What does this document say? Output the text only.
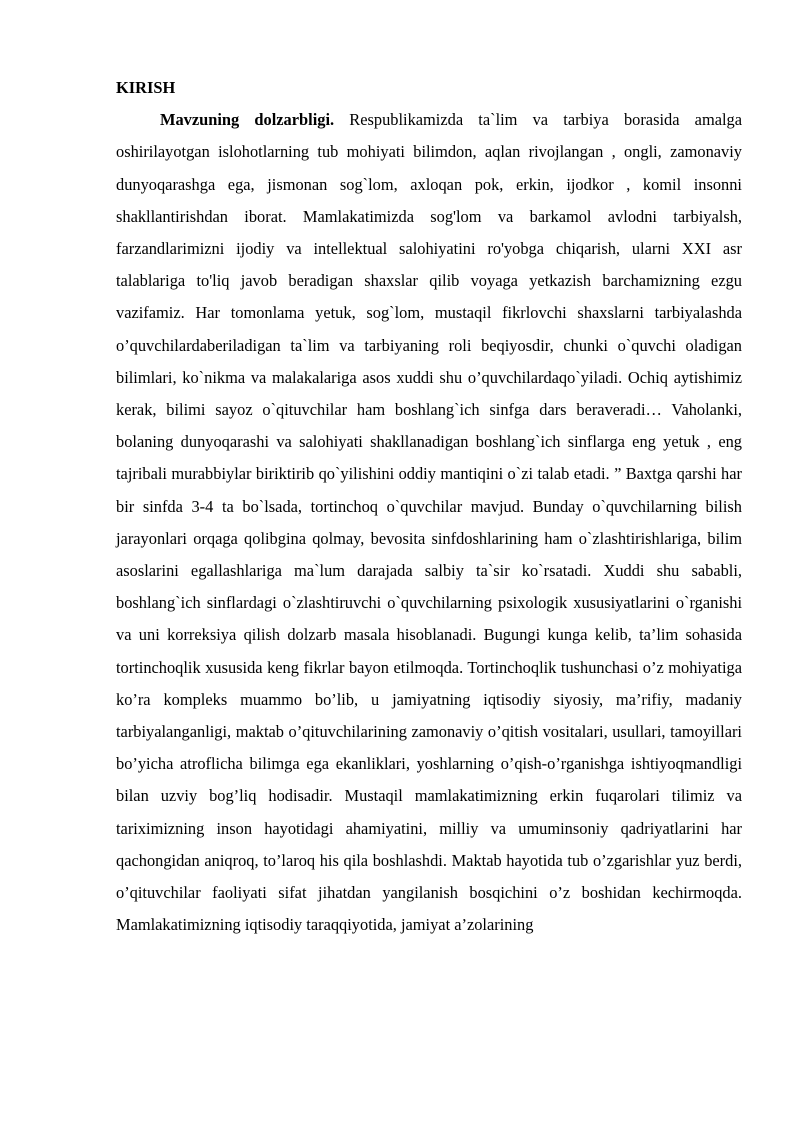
KIRISH

Mavzuning dolzarbligi. Respublikamizda ta`lim va tarbiya borasida amalga oshirilayotgan islohotlarning tub mohiyati bilimdon, aqlan rivojlangan , ongli, zamonaviy dunyoqarashga ega, jismonan sog`lom, axloqan pok, erkin, ijodkor , komil insonni shakllantirishdan iborat. Mamlakatimizda sog'lom va barkamol avlodni tarbiyalsh, farzandlarimizni ijodiy va intellektual salohiyatini ro'yobga chiqarish, ularni XXI asr talablariga to'liq javob beradigan shaxslar qilib voyaga yetkazish barchamizning ezgu vazifamiz. Har tomonlama yetuk, sog`lom, mustaqil fikrlovchi shaxslarni tarbiyalashda o’quvchilardaberiladigan ta`lim va tarbiyaning roli beqiyosdir, chunki o`quvchi oladigan bilimlari, ko`nikma va malakalariga asos xuddi shu o’quvchilardaqo`yiladi. Ochiq aytishimiz kerak, bilimi sayoz o`qituvchilar ham boshlang`ich sinfga dars beraveradi… Vaholanki, bolaning dunyoqarashi va salohiyati shakllanadigan boshlang`ich sinflarga eng yetuk , eng tajribali murabbiylar biriktirib qo`yilishini oddiy mantiqini o`zi talab etadi. ” Baxtga qarshi har bir sinfda 3-4 ta bo`lsada, tortinchoq o`quvchilar mavjud. Bunday o`quvchilarning bilish jarayonlari orqaga qolibgina qolmay, bevosita sinfdoshlarining ham o`zlashtirishlariga, bilim asoslarini egallashlariga ma`lum darajada salbiy ta`sir ko`rsatadi. Xuddi shu sababli, boshlang`ich sinflardagi o`zlashtiruvchi o`quvchilarning psixologik xususiyatlarini o`rganishi va uni korreksiya qilish dolzarb masala hisoblanadi. Bugungi kunga kelib, ta’lim sohasida tortinchoqlik xususida keng fikrlar bayon etilmoqda. Tortinchoqlik tushunchasi o’z mohiyatiga ko’ra kompleks muammo bo’lib, u jamiyatning iqtisodiy siyosiy, ma’rifiy, madaniy tarbiyalanganligi, maktab o’qituvchilarining zamonaviy o’qitish vositalari, usullari, tamoyillari bo’yicha atroflicha bilimga ega ekanliklari, yoshlarning o’qish-o’rganishga ishtiyoqmandligi bilan uzviy bog’liq hodisadir. Mustaqil mamlakatimizning erkin fuqarolari tilimiz va tariximizning inson hayotidagi ahamiyatini, milliy va umuminsoniy qadriyatlarini har qachongidan aniqroq, to’laroq his qila boshlashdi. Maktab hayotida tub o’zgarishlar yuz berdi, o’qituvchilar faoliyati sifat jihatdan yangilanish bosqichini o’z boshidan kechirmoqda. Mamlakatimizning iqtisodiy taraqqiyotida, jamiyat a’zolarining
